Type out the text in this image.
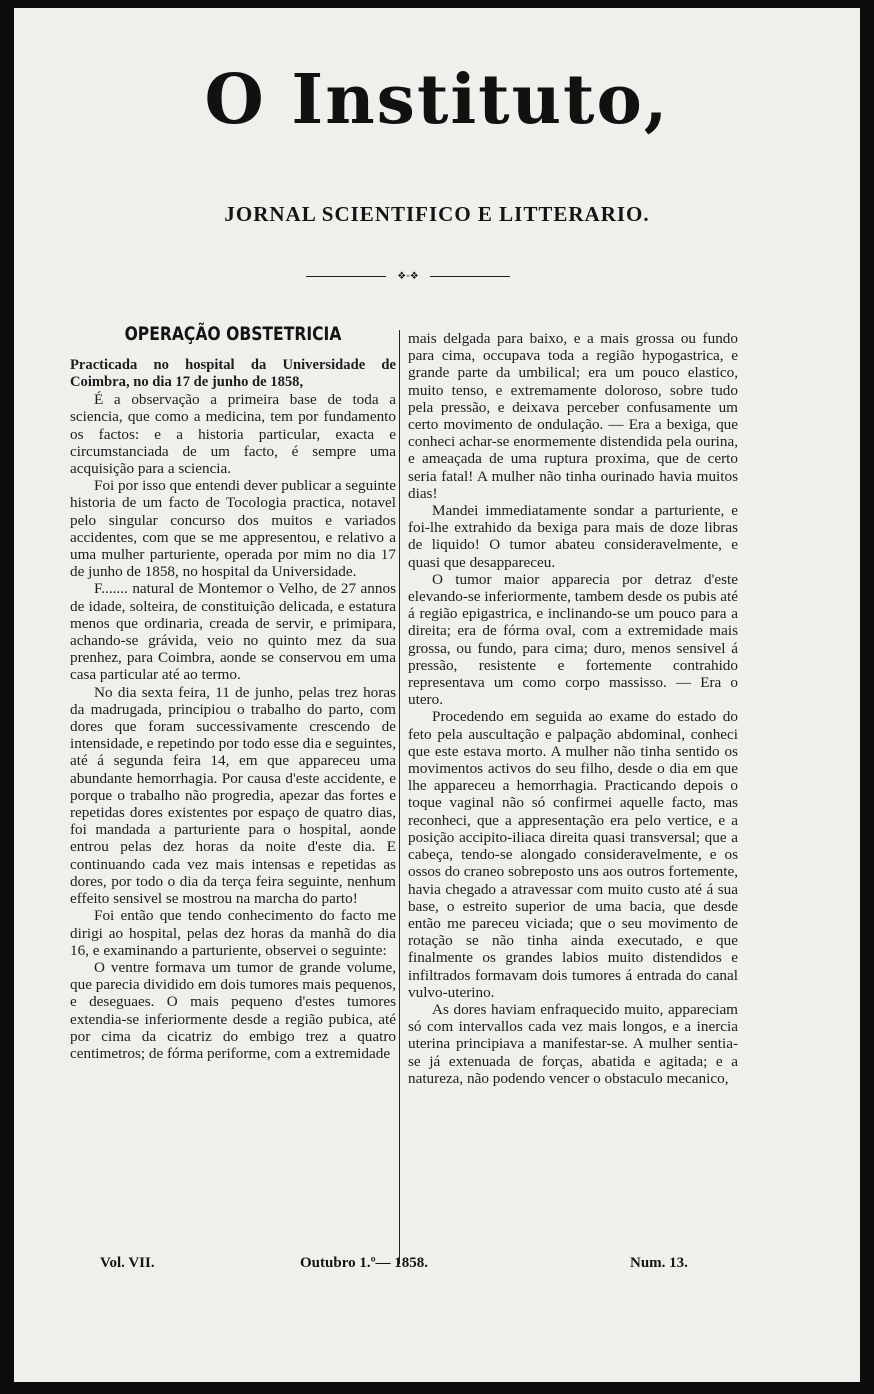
O Instituto,
JORNAL SCIENTIFICO E LITTERARIO.
❖◦❖
OPERAÇÃO OBSTETRICIA

Practicada no hospital da Universidade de Coimbra, no dia 17 de junho de 1858,

É a observação a primeira base de toda a sciencia, que como a medicina, tem por fundamento os factos: e a historia particular, exacta e circumstanciada de um facto, é sempre uma acquisição para a sciencia.

Foi por isso que entendi dever publicar a seguinte historia de um facto de Tocologia practica, notavel pelo singular concurso dos muitos e variados accidentes, com que se me appresentou, e relativo a uma mulher parturiente, operada por mim no dia 17 de junho de 1858, no hospital da Universidade.

F....... natural de Montemor o Velho, de 27 annos de idade, solteira, de constituição delicada, e estatura menos que ordinaria, creada de servir, e primipara, achando-se grávida, veio no quinto mez da sua prenhez, para Coimbra, aonde se conservou em uma casa particular até ao termo.

No dia sexta feira, 11 de junho, pelas trez horas da madrugada, principiou o trabalho do parto, com dores que foram successivamente crescendo de intensidade, e repetindo por todo esse dia e seguintes, até á segunda feira 14, em que appareceu uma abundante hemorrhagia. Por causa d'este accidente, e porque o trabalho não progredia, apezar das fortes e repetidas dores existentes por espaço de quatro dias, foi mandada a parturiente para o hospital, aonde entrou pelas dez horas da noite d'este dia. E continuando cada vez mais intensas e repetidas as dores, por todo o dia da terça feira seguinte, nenhum effeito sensivel se mostrou na marcha do parto!

Foi então que tendo conhecimento do facto me dirigi ao hospital, pelas dez horas da manhã do dia 16, e examinando a parturiente, observei o seguinte:

O ventre formava um tumor de grande volume, que parecia dividido em dois tumores mais pequenos, e deseguaes. O mais pequeno d'estes tumores extendia-se inferiormente desde a região pubica, até por cima da cicatriz do embigo trez a quatro centimetros; de fórma periforme, com a extremidade

mais delgada para baixo, e a mais grossa ou fundo para cima, occupava toda a região hypogastrica, e grande parte da umbilical; era um pouco elastico, muito tenso, e extremamente doloroso, sobre tudo pela pressão, e deixava perceber confusamente um certo movimento de ondulação. — Era a bexiga, que conheci achar-se enormemente distendida pela ourina, e ameaçada de uma ruptura proxima, que de certo seria fatal! A mulher não tinha ourinado havia muitos dias!

Mandei immediatamente sondar a parturiente, e foi-lhe extrahido da bexiga para mais de doze libras de liquido! O tumor abateu consideravelmente, e quasi que desappareceu.

O tumor maior apparecia por detraz d'este elevando-se inferiormente, tambem desde os pubis até á região epigastrica, e inclinando-se um pouco para a direita; era de fórma oval, com a extremidade mais grossa, ou fundo, para cima; duro, menos sensivel á pressão, resistente e fortemente contrahido representava um como corpo massisso. — Era o utero.

Procedendo em seguida ao exame do estado do feto pela auscultação e palpação abdominal, conheci que este estava morto. A mulher não tinha sentido os movimentos activos do seu filho, desde o dia em que lhe appareceu a hemorrhagia. Practicando depois o toque vaginal não só confirmei aquelle facto, mas reconheci, que a appresentação era pelo vertice, e a posição accipito-iliaca direita quasi transversal; que a cabeça, tendo-se alongado consideravelmente, e os ossos do craneo sobreposto uns aos outros fortemente, havia chegado a atravessar com muito custo até á sua base, o estreito superior de uma bacia, que desde então me pareceu viciada; que o seu movimento de rotação se não tinha ainda executado, e que finalmente os grandes labios muito distendidos e infiltrados formavam dois tumores á entrada do canal vulvo-uterino.

As dores haviam enfraquecido muito, appareciam só com intervallos cada vez mais longos, e a inercia uterina principiava a manifestar-se. A mulher sentia-se já extenuada de forças, abatida e agitada; e a natureza, não podendo vencer o obstaculo mecanico,

Vol. VII.	Outubro 1.º— 1858.	Num. 13.
